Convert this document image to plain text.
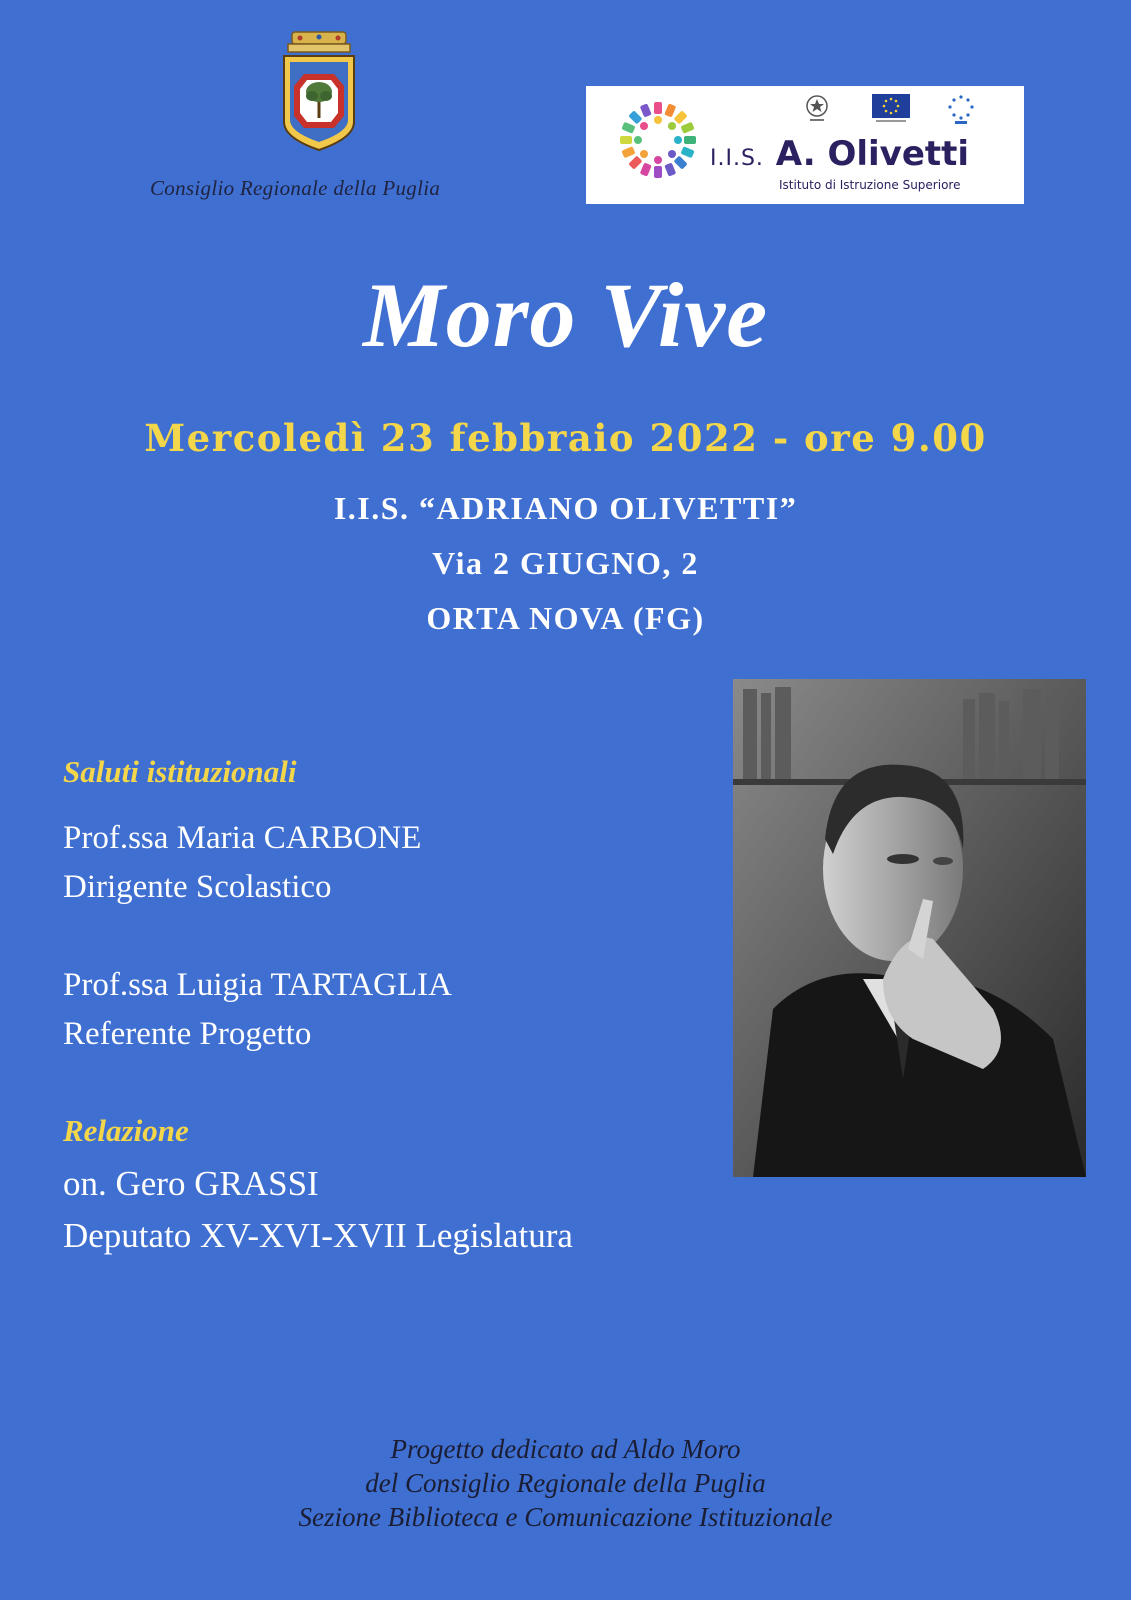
Consiglio Regionale della Puglia
I.I.S. A. Olivetti
Istituto di Istruzione Superiore
Moro Vive
Mercoledì 23 febbraio 2022 - ore 9.00
I.I.S. “ADRIANO OLIVETTI”
Via 2 GIUGNO, 2
ORTA NOVA (FG)
Saluti istituzionali
Prof.ssa Maria CARBONE
Dirigente Scolastico
Prof.ssa Luigia TARTAGLIA
Referente Progetto
Relazione
on. Gero GRASSI
Deputato XV-XVI-XVII Legislatura
Progetto dedicato ad Aldo Moro
del Consiglio Regionale della Puglia
Sezione Biblioteca e Comunicazione Istituzionale
